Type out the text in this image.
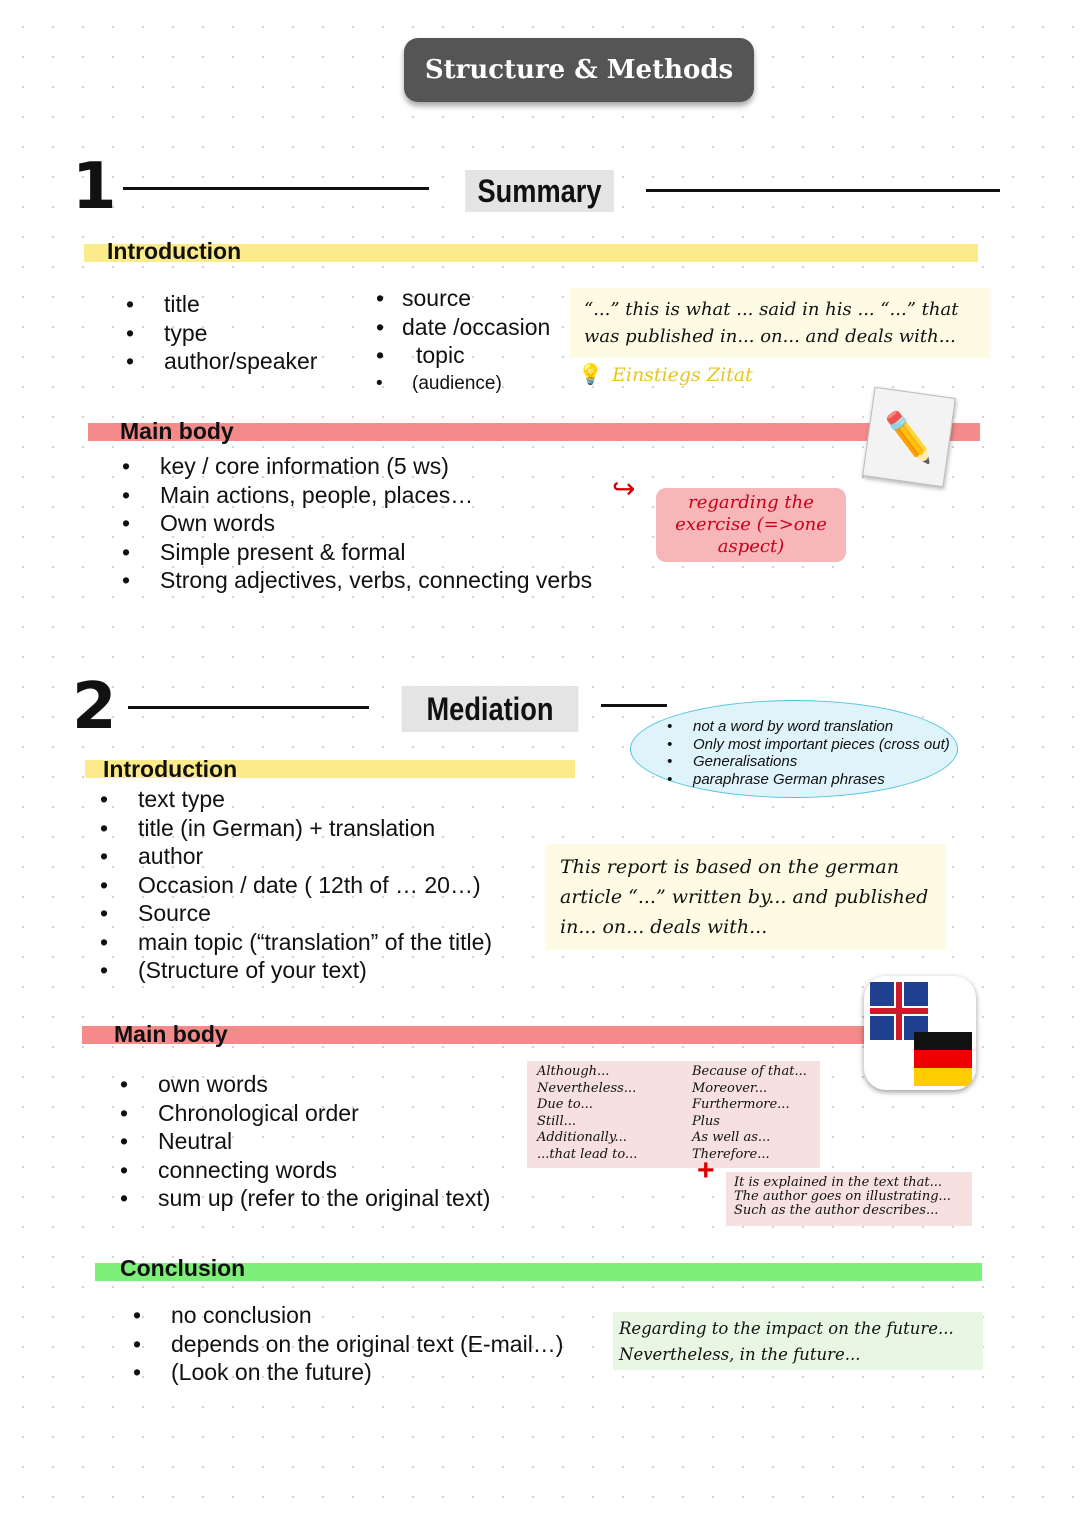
Structure & Methods
1	Summary
Introduction
• title
• type
• author/speaker
• source
• date /occasion
• topic
• (audience)
“...” this is what ... said in his ... “...” that was published in... on... and deals with...
💡 Einstiegs Zitat
Main body	✏️
• key / core information (5 ws)
• Main actions, people, places…
• Own words
• Simple present & formal
• Strong adjectives, verbs, connecting verbs
↪	regarding the exercise (=>one aspect)
2	Mediation	• not a word by word translation
• Only most important pieces (cross out)
• Generalisations
• paraphrase German phrases
Introduction
• text type
• title (in German) + translation
• author
• Occasion / date ( 12th of … 20…)
• Source
• main topic (“translation” of the title)
• (Structure of your text)
This report is based on the german article “...” written by... and published in... on... deals with...
Main body
• own words
• Chronological order
• Neutral
• connecting words
• sum up (refer to the original text)
Although...
Nevertheless...
Due to...
Still...
Additionally...
...that lead to...
Because of that...
Moreover...
Furthermore...
Plus
As well as...
Therefore...
+ It is explained in the text that...
The author goes on illustrating...
Such as the author describes...
Conclusion
• no conclusion
• depends on the original text (E-mail…)
• (Look on the future)
Regarding to the impact on the future...
Nevertheless, in the future...
